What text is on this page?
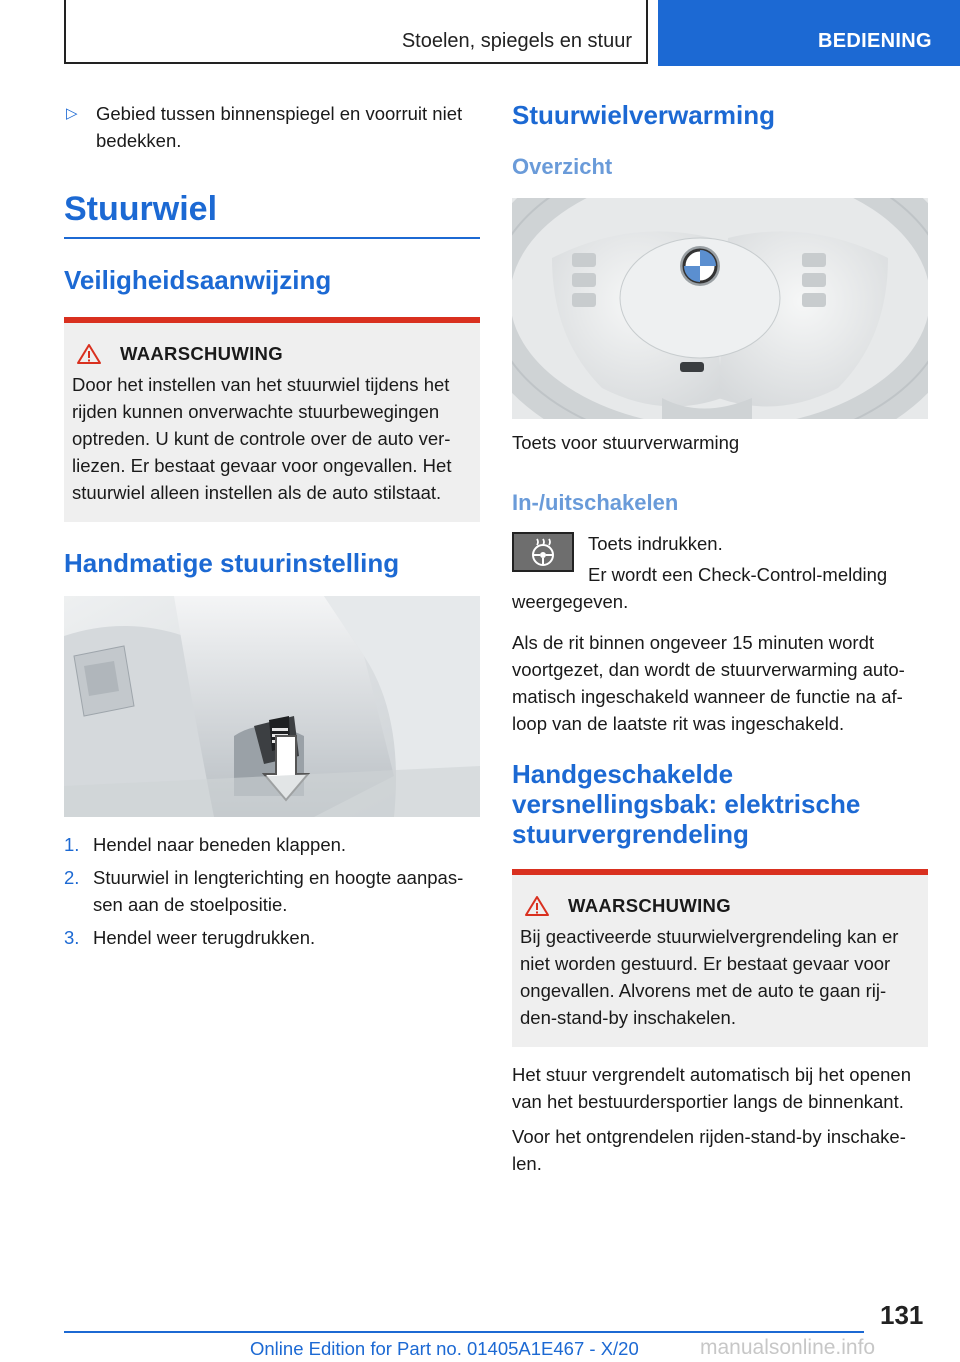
Stoelen, spiegels en stuur	BEDIENING
▷ Gebied tussen binnenspiegel en voorruit niet bedekken.
Stuurwiel
Veiligheidsaanwijzing
WAARSCHUWING

Door het instellen van het stuurwiel tijdens het rijden kunnen onverwachte stuurbewegingen optreden. U kunt de controle over de auto ver-liezen. Er bestaat gevaar voor ongevallen. Het stuurwiel alleen instellen als de auto stilstaat.

Handmatige stuurinstelling
1. Hendel naar beneden klappen.
2. Stuurwiel in lengterichting en hoogte aanpas-sen aan de stoelpositie.
3. Hendel weer terugdrukken.
Stuurwielverwarming
Overzicht

Toets voor stuurverwarming

In-/uitschakelen

Toets indrukken.

Er wordt een Check-Control-melding

weergegeven.

Als de rit binnen ongeveer 15 minuten wordt voortgezet, dan wordt de stuurverwarming auto-matisch ingeschakeld wanneer de functie na af-loop van de laatste rit was ingeschakeld.

Handgeschakelde versnellingsbak: elektrische stuurvergrendeling
WAARSCHUWING

Bij geactiveerde stuurwielvergrendeling kan er niet worden gestuurd. Er bestaat gevaar voor ongevallen. Alvorens met de auto te gaan rij-den-stand-by inschakelen.

Het stuur vergrendelt automatisch bij het openen van het bestuurdersportier langs de binnenkant.

Voor het ontgrendelen rijden-stand-by inschake-len.

131
Online Edition for Part no. 01405A1E467 - X/20	manualsonline.info
